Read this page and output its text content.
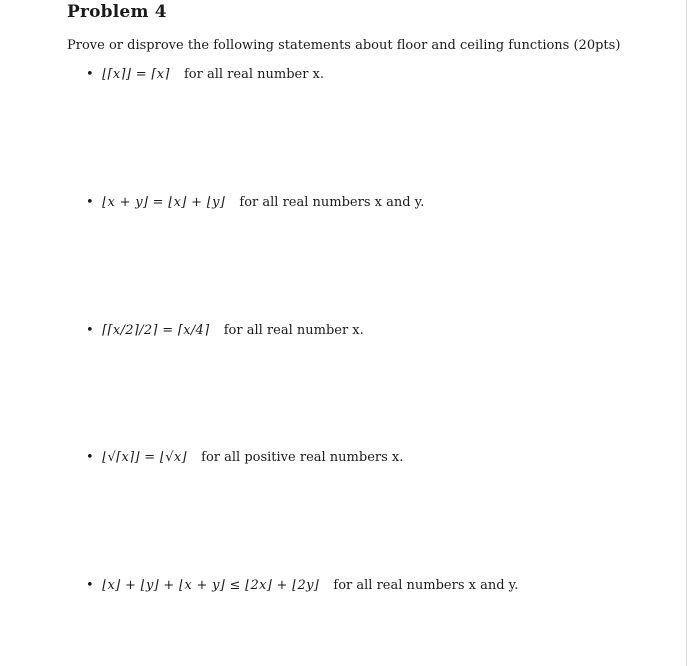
Problem 4
Prove or disprove the following statements about floor and ceiling functions (20pts)
• ⌊⌈x⌉⌋ = ⌈x⌉ for all real number x.
• ⌊x + y⌋ = ⌊x⌋ + ⌊y⌋ for all real numbers x and y.
• ⌈⌈x/2⌉/2⌉ = ⌈x/4⌉ for all real number x.
• ⌊√⌈x⌉⌋ = ⌊√x⌋ for all positive real numbers x.
• ⌊x⌋ + ⌊y⌋ + ⌊x + y⌋ ≤ ⌊2x⌋ + ⌊2y⌋ for all real numbers x and y.
